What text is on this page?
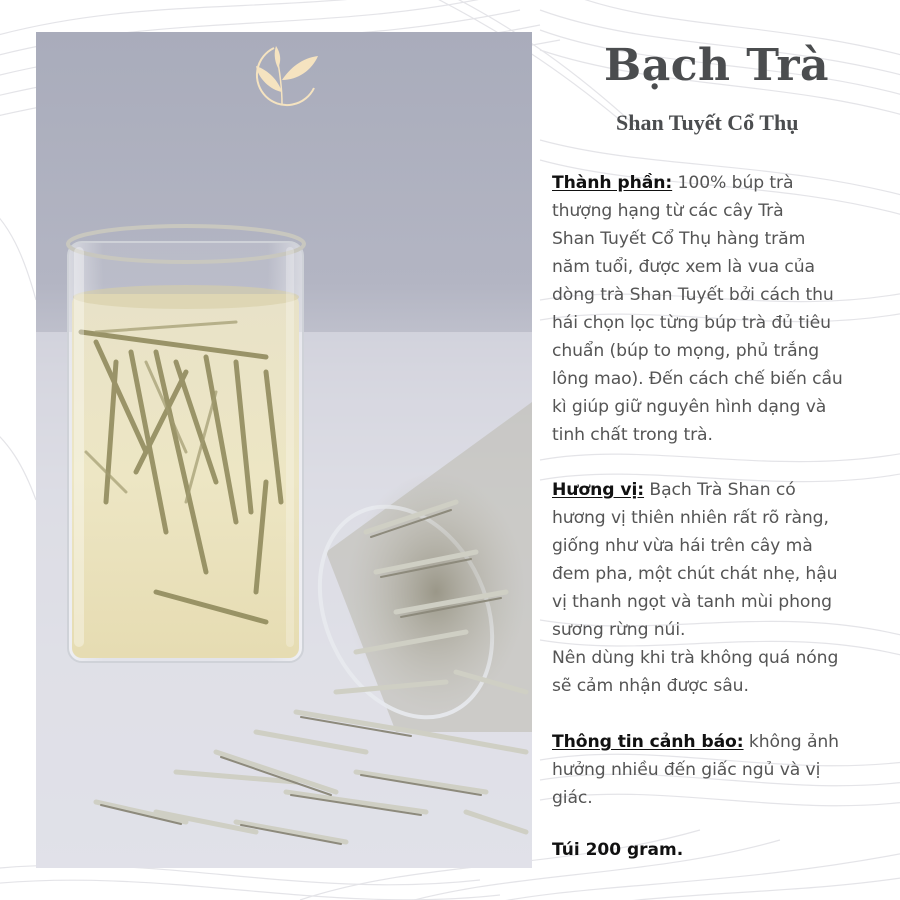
Bạch Trà
Shan Tuyết Cổ Thụ
Thành phần: 100% búp trà
thượng hạng từ các cây Trà
Shan Tuyết Cổ Thụ hàng trăm
năm tuổi, được xem là vua của
dòng trà Shan Tuyết bởi cách thu
hái chọn lọc từng búp trà đủ tiêu
chuẩn (búp to mọng, phủ trắng
lông mao). Đến cách chế biến cầu
kì giúp giữ nguyên hình dạng và
tinh chất trong trà.
Hương vị: Bạch Trà Shan có
hương vị thiên nhiên rất rõ ràng,
giống như vừa hái trên cây mà
đem pha, một chút chát nhẹ, hậu
vị thanh ngọt và tanh mùi phong
sương rừng núi.
Nên dùng khi trà không quá nóng
sẽ cảm nhận được sâu.
Thông tin cảnh báo: không ảnh
hưởng nhiều đến giấc ngủ và vị
giác.
Túi 200 gram.
